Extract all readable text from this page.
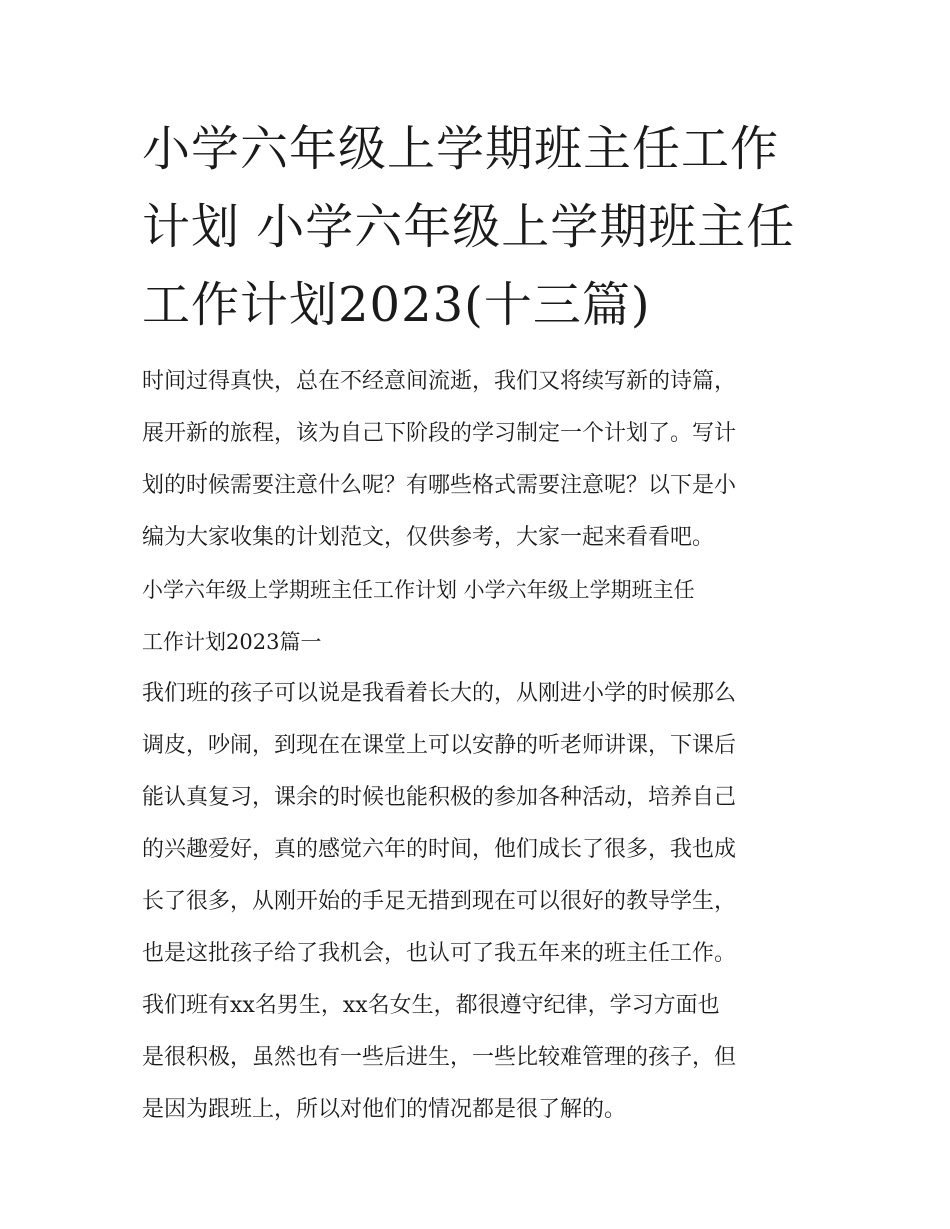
小学六年级上学期班主任工作
计划 小学六年级上学期班主任
工作计划2023(十三篇)
时间过得真快，总在不经意间流逝，我们又将续写新的诗篇，
展开新的旅程，该为自己下阶段的学习制定一个计划了。写计
划的时候需要注意什么呢？有哪些格式需要注意呢？以下是小
编为大家收集的计划范文，仅供参考，大家一起来看看吧。
小学六年级上学期班主任工作计划 小学六年级上学期班主任
工作计划2023篇一
我们班的孩子可以说是我看着长大的，从刚进小学的时候那么
调皮，吵闹，到现在在课堂上可以安静的听老师讲课，下课后
能认真复习，课余的时候也能积极的参加各种活动，培养自己
的兴趣爱好，真的感觉六年的时间，他们成长了很多，我也成
长了很多，从刚开始的手足无措到现在可以很好的教导学生，
也是这批孩子给了我机会，也认可了我五年来的班主任工作。
我们班有xx名男生，xx名女生，都很遵守纪律，学习方面也
是很积极，虽然也有一些后进生，一些比较难管理的孩子，但
是因为跟班上，所以对他们的情况都是很了解的。
